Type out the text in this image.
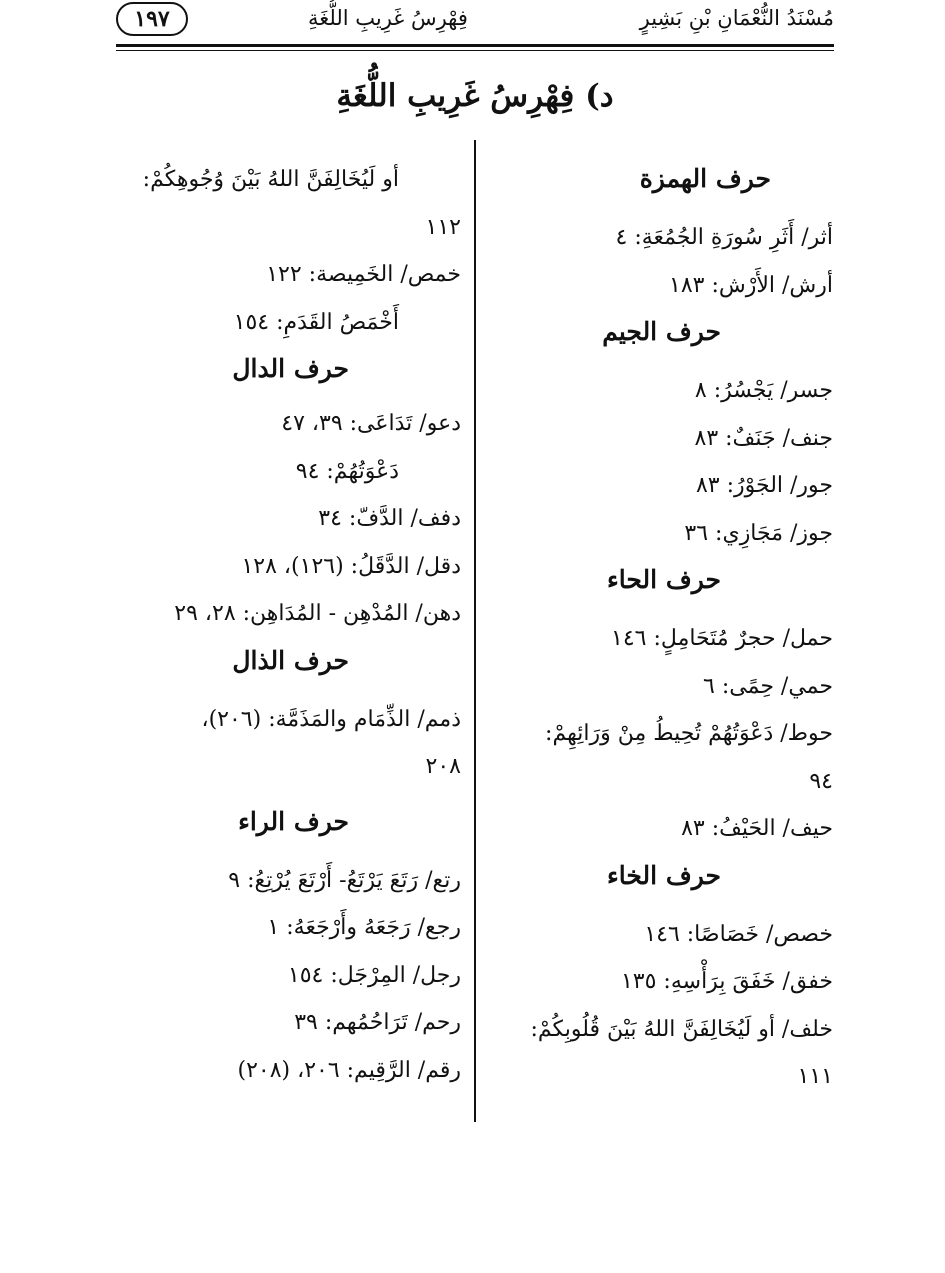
مُسْنَدُ النُّعْمَانِ بْنِ بَشِيرٍ
فِهْرِسُ غَرِيبِ اللُّغَةِ
١٩٧
د) فِهْرِسُ غَرِيبِ اللُّغَةِ
حرف الهمزة
أثر/ أَثَرِ سُورَةِ الجُمُعَةِ: ٤
أرش/ الأَرْش: ١٨٣
حرف الجيم
جسر/ يَجْسُرُ: ٨
جنف/ جَنَفٌ: ٨٣
جور/ الجَوْرُ: ٨٣
جوز/ مَجَازِي: ٣٦
حرف الحاء
حمل/ حجرٌ مُتَحَامِلٍ: ١٤٦
حمي/ حِمًى: ٦
حوط/ دَعْوَتُهُمْ تُحِيطُ مِنْ وَرَائِهِمْ:
٩٤
حيف/ الحَيْفُ: ٨٣
حرف الخاء
خصص/ خَصَاصًا: ١٤٦
خفق/ خَفَقَ بِرَأْسِهِ: ١٣٥
خلف/ أو لَيُخَالِفَنَّ اللهُ بَيْنَ قُلُوبِكُمْ:
١١١
أو لَيُخَالِفَنَّ اللهُ بَيْنَ وُجُوهِكُمْ:
١١٢
خمص/ الخَمِيصة: ١٢٢
أَخْمَصُ القَدَمِ: ١٥٤
حرف الدال
دعو/ تَدَاعَى: ٣٩، ٤٧
دَعْوَتُهُمْ: ٩٤
دفف/ الدَّفّ: ٣٤
دقل/ الدَّقَلُ: (١٢٦)، ١٢٨
دهن/ المُدْهِن - المُدَاهِن: ٢٨، ٢٩
حرف الذال
ذمم/ الذِّمَام والمَذَمَّة: (٢٠٦)،
٢٠٨
حرف الراء
رتع/ رَتَعَ يَرْتَعُ- أَرْتَعَ يُرْتِعُ: ٩
رجع/ رَجَعَهُ وأَرْجَعَهُ: ١
رجل/ المِرْجَل: ١٥٤
رحم/ تَرَاحُمُهم: ٣٩
رقم/ الرَّقِيم: ٢٠٦، (٢٠٨)
